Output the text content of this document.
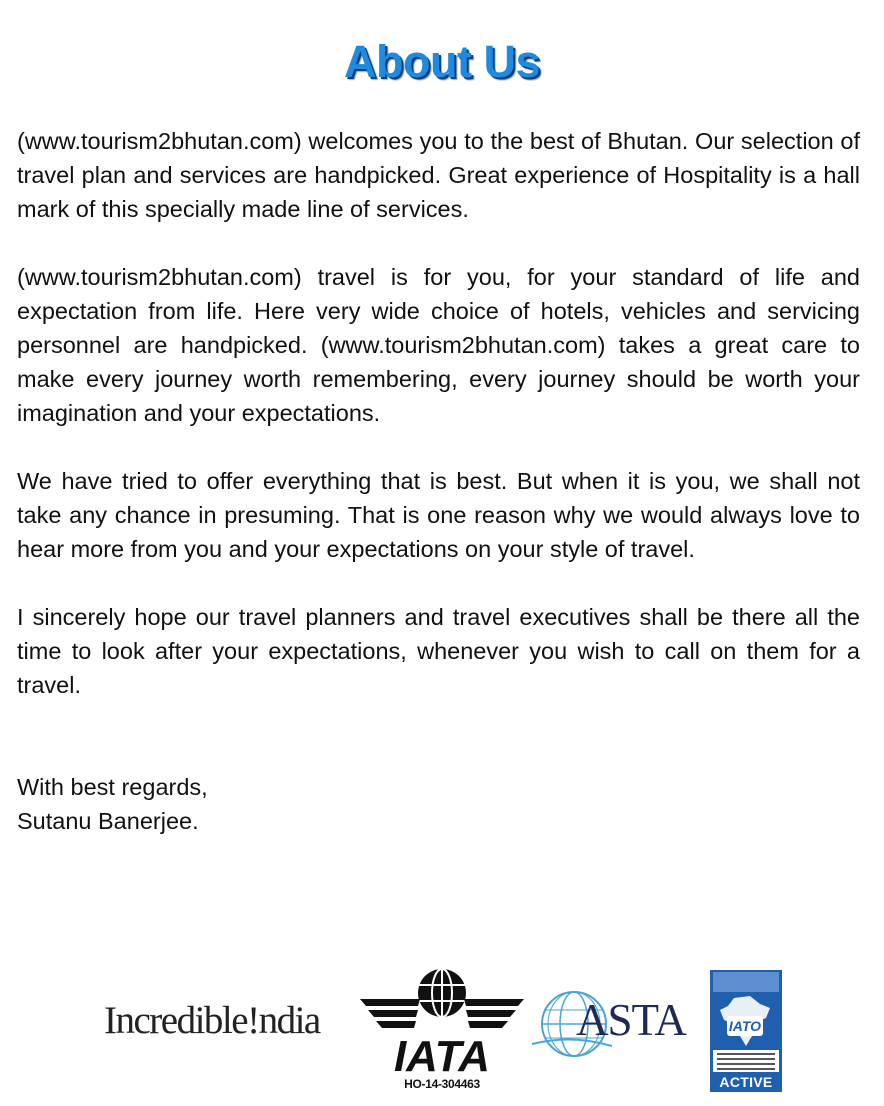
About Us

(www.tourism2bhutan.com) welcomes you to the best of Bhutan. Our selection of travel plan and services are handpicked. Great experience of Hospitality is a hall mark of this specially made line of services.

(www.tourism2bhutan.com) travel is for you, for your standard of life and expectation from life. Here very wide choice of hotels, vehicles and servicing personnel are handpicked. (www.tourism2bhutan.com) takes a great care to make every journey worth remembering, every journey should be worth your imagination and your expectations.

We have tried to offer everything that is best. But when it is you, we shall not take any chance in presuming. That is one reason why we would always love to hear more from you and your expectations on your style of travel.

I sincerely hope our travel planners and travel executives shall be there all the time to look after your expectations, whenever you wish to call on them for a travel.

With best regards,
Sutanu Banerjee.
Incredible!ndia
IATA
HO-14-304463
ASTA	IATO
ACTIVE
